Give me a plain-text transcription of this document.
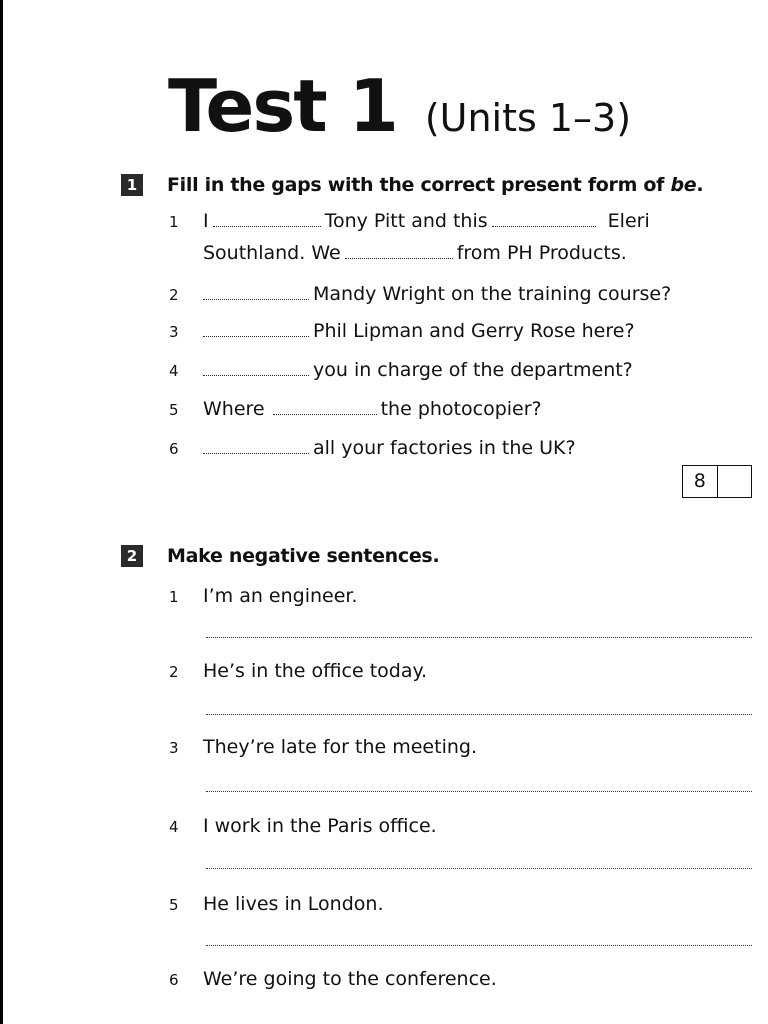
Test 1 (Units 1–3)
1	Fill in the gaps with the correct present form of be.
1 I	Tony Pitt and this	Eleri
Southland. We	from PH Products.
2	Mandy Wright on the training course?
3	Phil Lipman and Gerry Rose here?
4	you in charge of the department?
5 Where	the photocopier?
6	all your factories in the UK?
8
2	Make negative sentences.
1 I’m an engineer.
2 He’s in the office today.
3 They’re late for the meeting.
4 I work in the Paris office.
5 He lives in London.
6 We’re going to the conference.
